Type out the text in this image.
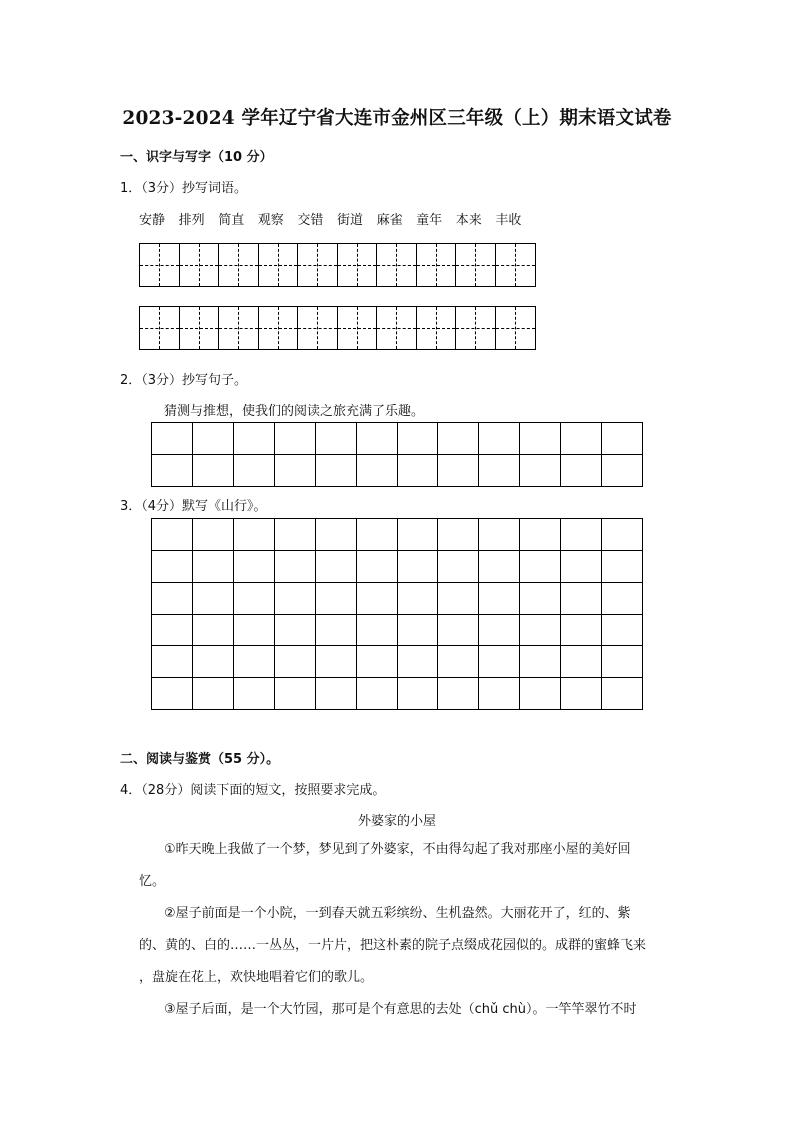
2023-2024 学年辽宁省大连市金州区三年级（上）期末语文试卷
一、识字与写字（10 分）
1．（3分）抄写词语。
安静	排列	简直	观察	交错	街道	麻雀	童年	本来	丰收
2．（3分）抄写句子。
猜测与推想，使我们的阅读之旅充满了乐趣。
3．（4分）默写《山行》。
二、阅读与鉴赏（55 分）。
4．（28分）阅读下面的短文，按照要求完成。
外婆家的小屋
①昨天晚上我做了一个梦，梦见到了外婆家，不由得勾起了我对那座小屋的美好回
忆。
②屋子前面是一个小院，一到春天就五彩缤纷、生机盎然。大丽花开了，红的、紫
的、黄的、白的……一丛丛，一片片，把这朴素的院子点缀成花园似的。成群的蜜蜂飞来
，盘旋在花上，欢快地唱着它们的歌儿。
③屋子后面，是一个大竹园，那可是个有意思的去处（chǔ chù）。一竿竿翠竹不时
